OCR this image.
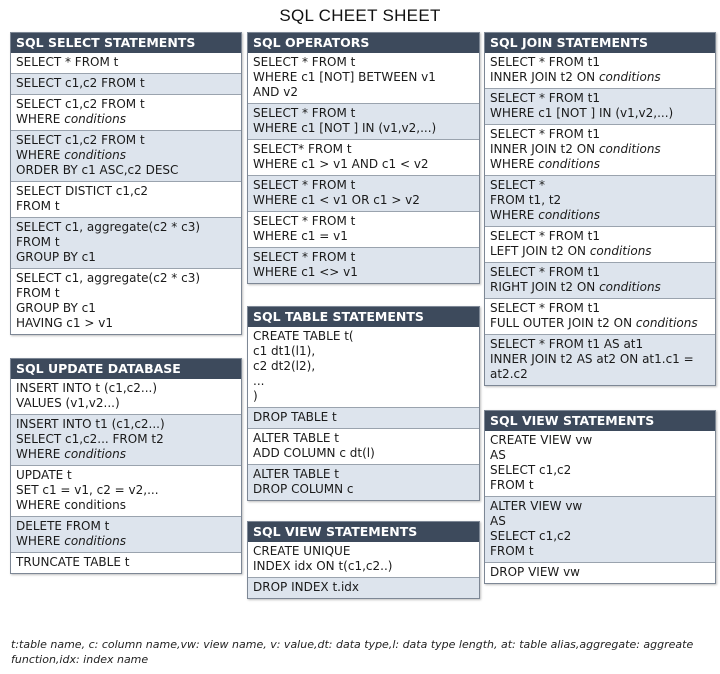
SQL CHEET SHEET
SQL SELECT STATEMENTS
SELECT * FROM t
SELECT c1,c2 FROM t
SELECT c1,c2 FROM t
WHERE conditions
SELECT c1,c2 FROM t
WHERE conditions
ORDER BY c1 ASC,c2 DESC
SELECT DISTICT c1,c2
FROM t
SELECT c1, aggregate(c2 * c3)
FROM t
GROUP BY c1
SELECT c1, aggregate(c2 * c3)
FROM t
GROUP BY c1
HAVING c1 > v1
SQL UPDATE DATABASE
INSERT INTO t (c1,c2...)
VALUES (v1,v2...)
INSERT INTO t1 (c1,c2...)
SELECT c1,c2... FROM t2
WHERE conditions
UPDATE t
SET c1 = v1, c2 = v2,...
WHERE conditions
DELETE FROM t
WHERE conditions
TRUNCATE TABLE t
SQL OPERATORS
SELECT * FROM t
WHERE c1 [NOT] BETWEEN v1
AND v2
SELECT * FROM t
WHERE c1 [NOT ] IN (v1,v2,...)
SELECT* FROM t
WHERE c1 > v1 AND c1 < v2
SELECT * FROM t
WHERE c1 < v1 OR c1 > v2
SELECT * FROM t
WHERE c1 = v1
SELECT * FROM t
WHERE c1 <> v1
SQL TABLE STATEMENTS
CREATE TABLE t(
c1 dt1(l1),
c2 dt2(l2),
...
)
DROP TABLE t
ALTER TABLE t
ADD COLUMN c dt(l)
ALTER TABLE t
DROP COLUMN c
SQL VIEW STATEMENTS
CREATE UNIQUE
INDEX idx ON t(c1,c2..)
DROP INDEX t.idx
SQL JOIN STATEMENTS
SELECT * FROM t1
INNER JOIN t2 ON conditions
SELECT * FROM t1
WHERE c1 [NOT ] IN (v1,v2,...)
SELECT * FROM t1
INNER JOIN t2 ON conditions
WHERE conditions
SELECT *
FROM t1, t2
WHERE conditions
SELECT * FROM t1
LEFT JOIN t2 ON conditions
SELECT * FROM t1
RIGHT JOIN t2 ON conditions
SELECT * FROM t1
FULL OUTER JOIN t2 ON conditions
SELECT * FROM t1 AS at1
INNER JOIN t2 AS at2 ON at1.c1 =
at2.c2
SQL VIEW STATEMENTS
CREATE VIEW vw
AS
SELECT c1,c2
FROM t
ALTER VIEW vw
AS
SELECT c1,c2
FROM t
DROP VIEW vw
t:table name, c: column name,vw: view name, v: value,dt: data type,l: data type length, at: table alias,aggregate: aggreate function,idx: index name
